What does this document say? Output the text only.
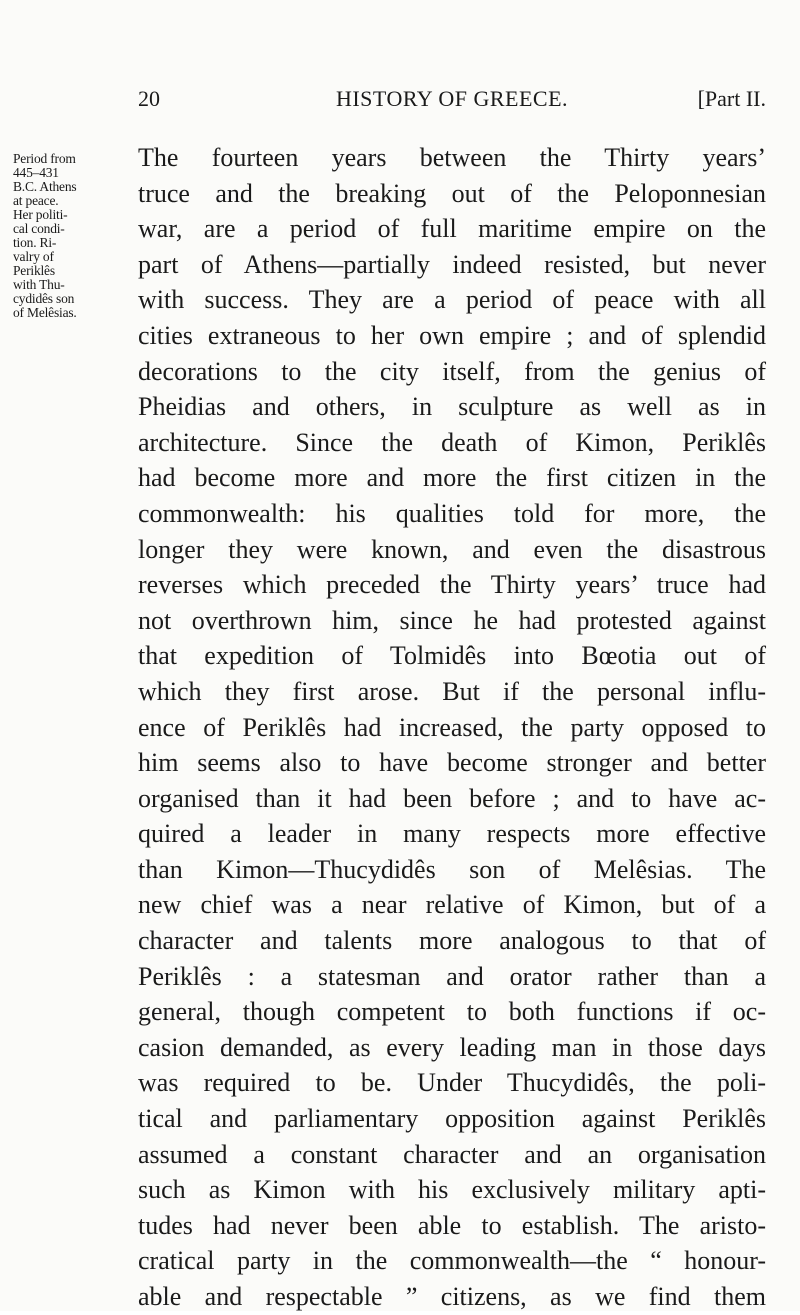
20	HISTORY OF GREECE.	[Part II.
Period from
445–431
B.C. Athens
at peace.
Her politi-
cal condi-
tion. Ri-
valry of
Periklês
with Thu-
cydidês son
of Melêsias.
The fourteen years between the Thirty years’
truce and the breaking out of the Peloponnesian
war, are a period of full maritime empire on the
part of Athens—partially indeed resisted, but never
with success. They are a period of peace with all
cities extraneous to her own empire ; and of splendid
decorations to the city itself, from the genius of
Pheidias and others, in sculpture as well as in
architecture. Since the death of Kimon, Periklês
had become more and more the first citizen in the
commonwealth: his qualities told for more, the
longer they were known, and even the disastrous
reverses which preceded the Thirty years’ truce had
not overthrown him, since he had protested against
that expedition of Tolmidês into Bœotia out of
which they first arose. But if the personal influ-
ence of Periklês had increased, the party opposed to
him seems also to have become stronger and better
organised than it had been before ; and to have ac-
quired a leader in many respects more effective
than Kimon—Thucydidês son of Melêsias. The
new chief was a near relative of Kimon, but of a
character and talents more analogous to that of
Periklês : a statesman and orator rather than a
general, though competent to both functions if oc-
casion demanded, as every leading man in those days
was required to be. Under Thucydidês, the poli-
tical and parliamentary opposition against Periklês
assumed a constant character and an organisation
such as Kimon with his exclusively military apti-
tudes had never been able to establish. The aristo-
cratical party in the commonwealth—the “ honour-
able and respectable ” citizens, as we find them
